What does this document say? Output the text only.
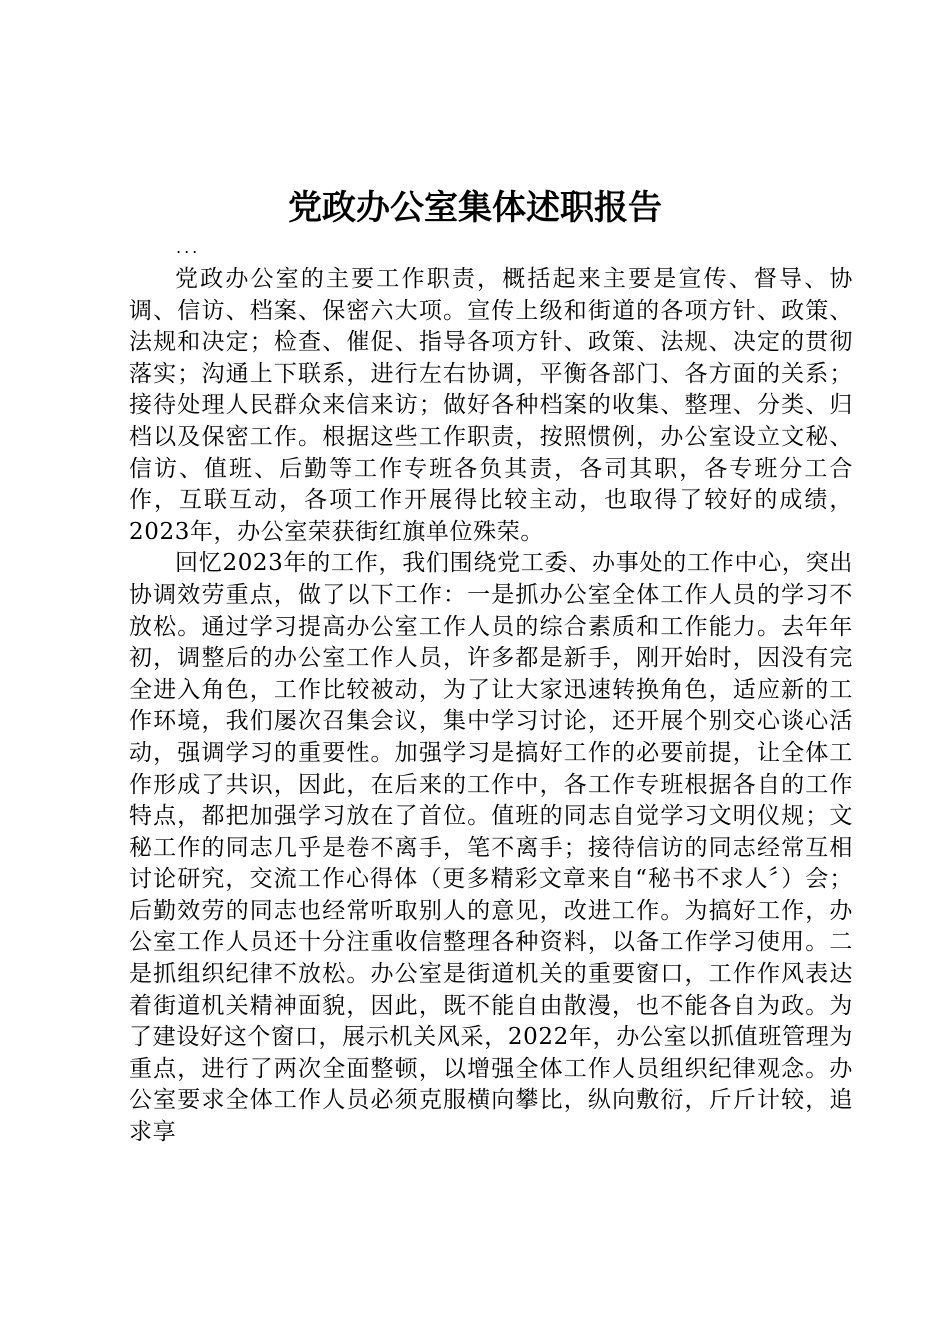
党政办公室集体述职报告
...

党政办公室的主要工作职责，概括起来主要是宣传、督导、协调、信访、档案、保密六大项。宣传上级和街道的各项方针、政策、法规和决定；检查、催促、指导各项方针、政策、法规、决定的贯彻落实；沟通上下联系，进行左右协调，平衡各部门、各方面的关系；接待处理人民群众来信来访；做好各种档案的收集、整理、分类、归档以及保密工作。根据这些工作职责，按照惯例，办公室设立文秘、信访、值班、后勤等工作专班各负其责，各司其职，各专班分工合作，互联互动，各项工作开展得比较主动，也取得了较好的成绩，2023年，办公室荣获街红旗单位殊荣。

回忆2023年的工作，我们围绕党工委、办事处的工作中心，突出协调效劳重点，做了以下工作：一是抓办公室全体工作人员的学习不放松。通过学习提高办公室工作人员的综合素质和工作能力。去年年初，调整后的办公室工作人员，许多都是新手，刚开始时，因没有完全进入角色，工作比较被动，为了让大家迅速转换角色，适应新的工作环境，我们屡次召集会议，集中学习讨论，还开展个别交心谈心活动，强调学习的重要性。加强学习是搞好工作的必要前提，让全体工作形成了共识，因此，在后来的工作中，各工作专班根据各自的工作特点，都把加强学习放在了首位。值班的同志自觉学习文明仪规；文秘工作的同志几乎是卷不离手，笔不离手；接待信访的同志经常互相讨论研究，交流工作心得体（更多精彩文章来自“秘书不求人〞）会；后勤效劳的同志也经常听取别人的意见，改进工作。为搞好工作，办公室工作人员还十分注重收信整理各种资料，以备工作学习使用。二是抓组织纪律不放松。办公室是街道机关的重要窗口，工作作风表达着街道机关精神面貌，因此，既不能自由散漫，也不能各自为政。为了建设好这个窗口，展示机关风采，2022年，办公室以抓值班管理为重点，进行了两次全面整顿，以增强全体工作人员组织纪律观念。办公室要求全体工作人员必须克服横向攀比，纵向敷衍，斤斤计较，追求享
